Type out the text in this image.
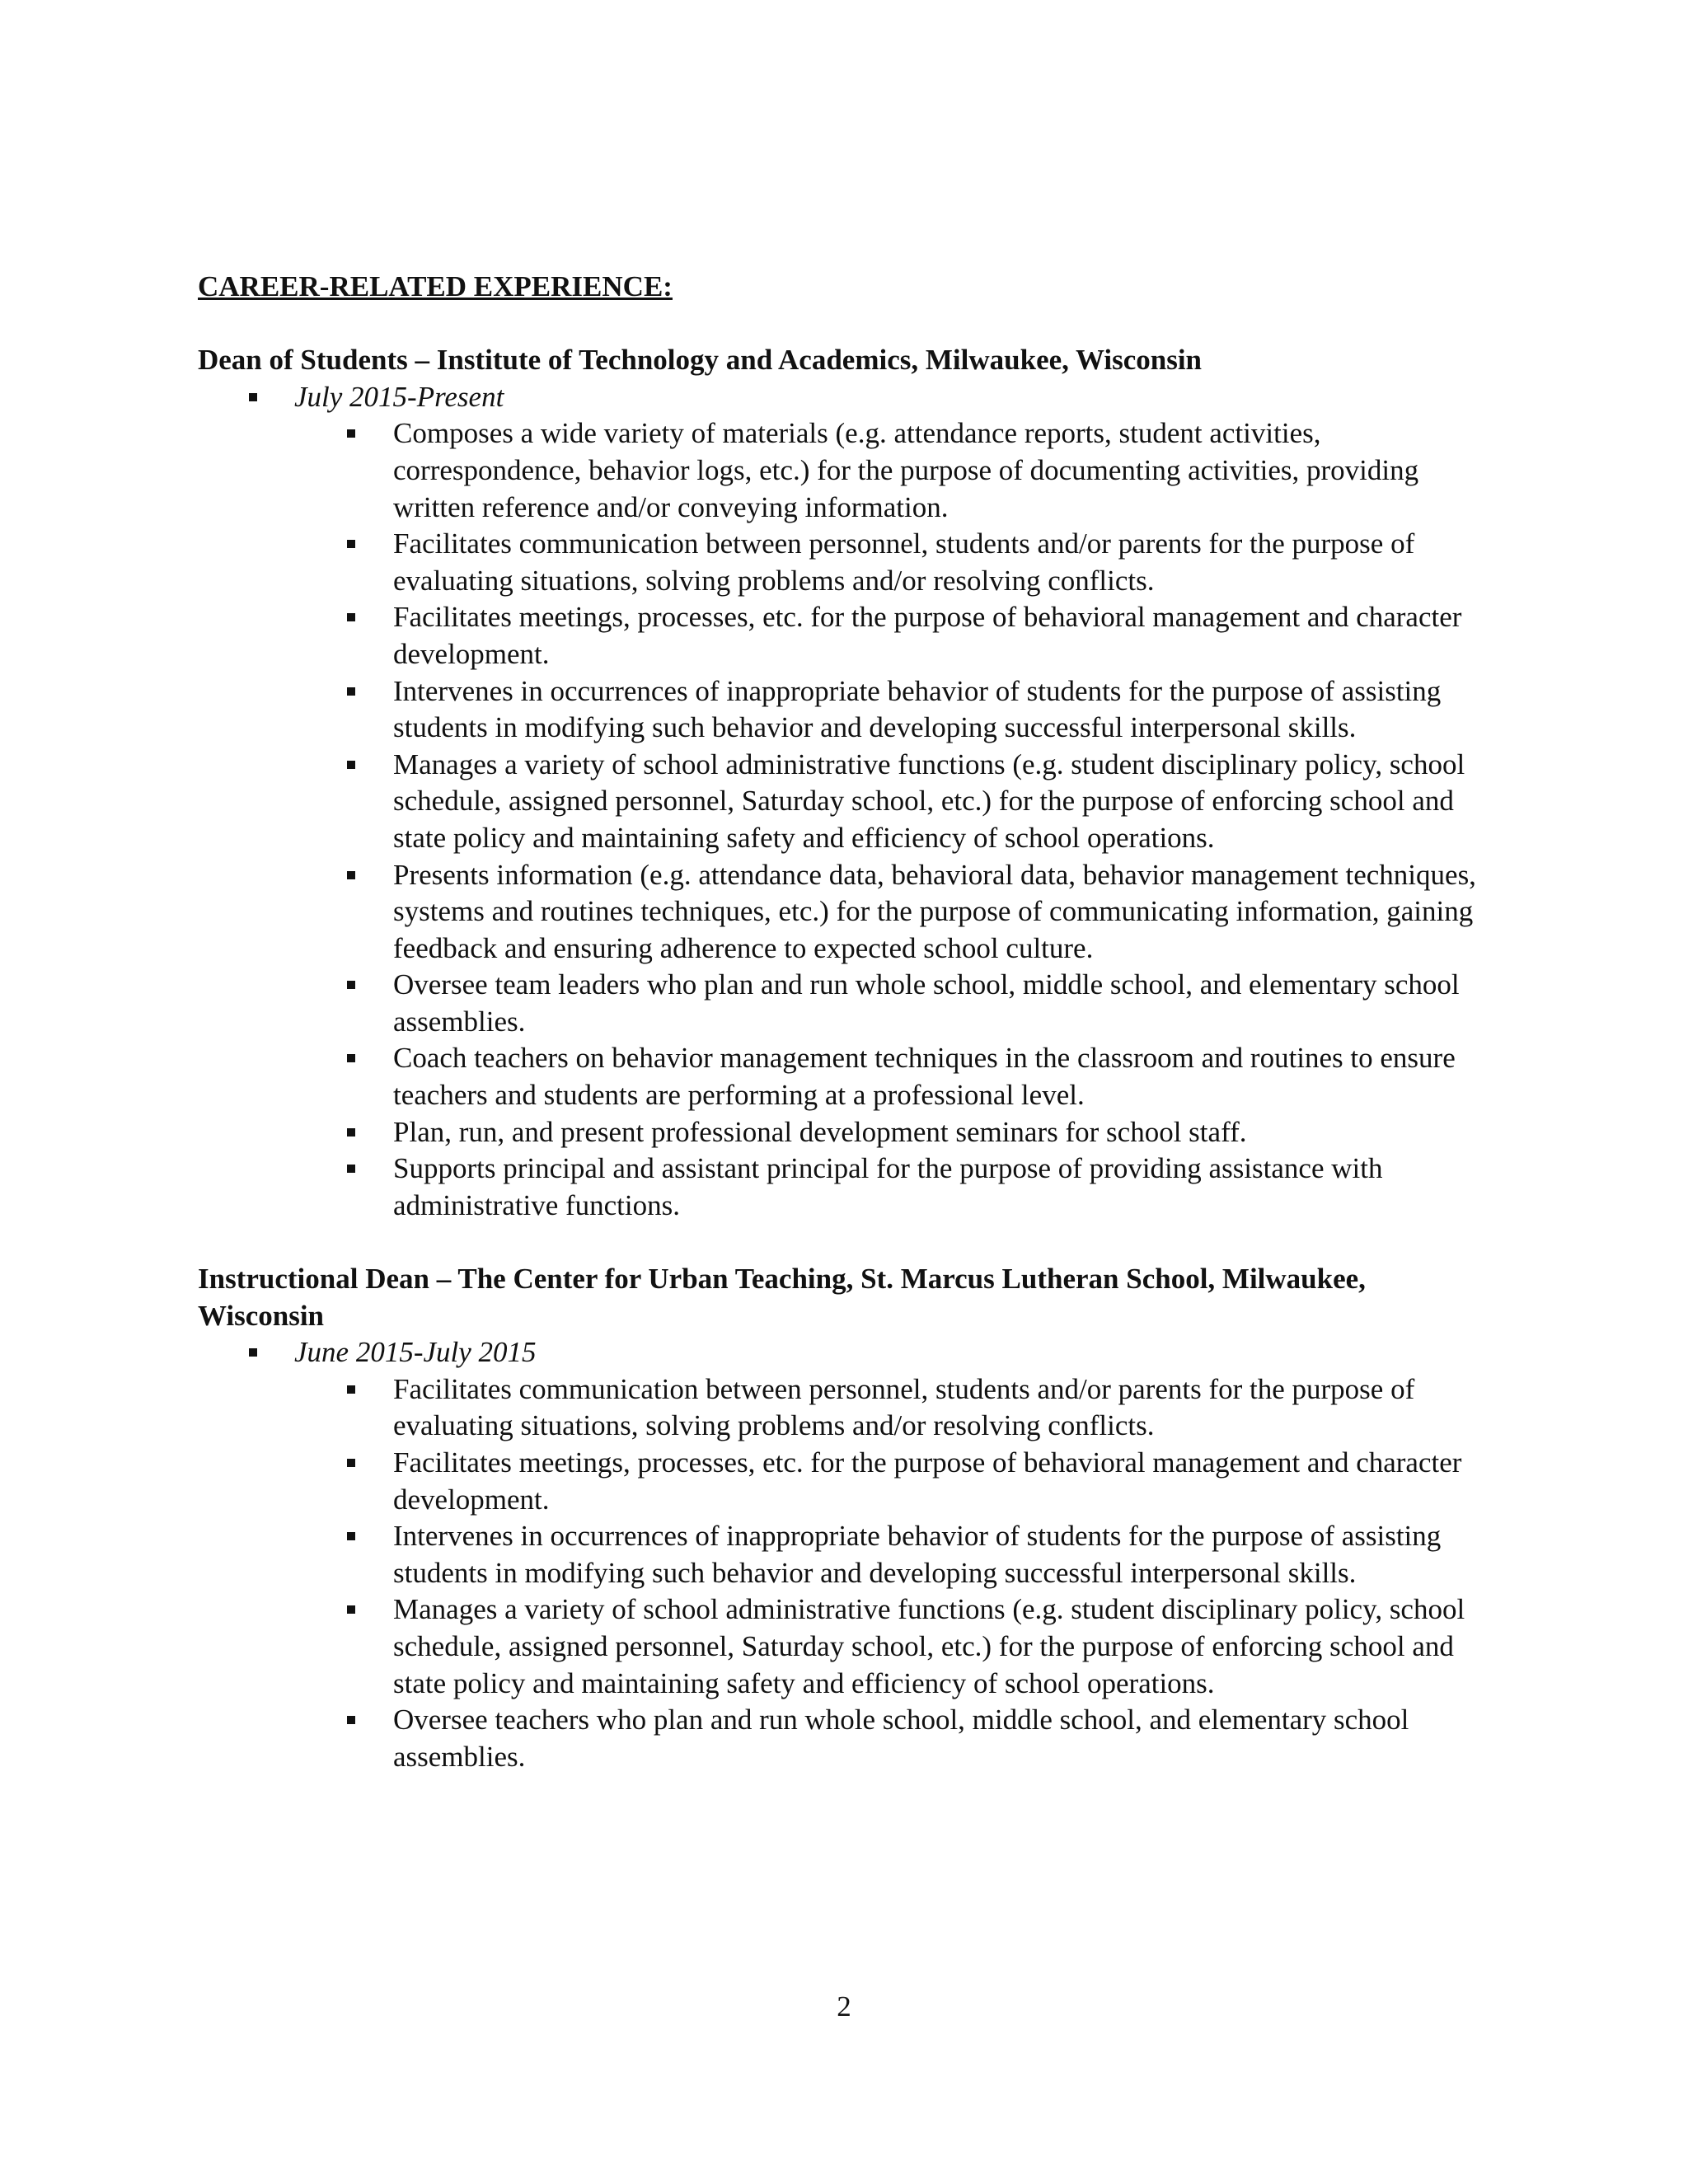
CAREER-RELATED EXPERIENCE:
Dean of Students – Institute of Technology and Academics, Milwaukee, Wisconsin
July 2015-Present
Composes a wide variety of materials (e.g. attendance reports, student activities, correspondence, behavior logs, etc.) for the purpose of documenting activities, providing written reference and/or conveying information.
Facilitates communication between personnel, students and/or parents for the purpose of evaluating situations, solving problems and/or resolving conflicts.
Facilitates meetings, processes, etc. for the purpose of behavioral management and character development.
Intervenes in occurrences of inappropriate behavior of students for the purpose of assisting students in modifying such behavior and developing successful interpersonal skills.
Manages a variety of school administrative functions (e.g. student disciplinary policy, school schedule, assigned personnel, Saturday school, etc.) for the purpose of enforcing school and state policy and maintaining safety and efficiency of school operations.
Presents information (e.g. attendance data, behavioral data, behavior management techniques, systems and routines techniques, etc.) for the purpose of communicating information, gaining feedback and ensuring adherence to expected school culture.
Oversee team leaders who plan and run whole school, middle school, and elementary school assemblies.
Coach teachers on behavior management techniques in the classroom and routines to ensure teachers and students are performing at a professional level.
Plan, run, and present professional development seminars for school staff.
Supports principal and assistant principal for the purpose of providing assistance with administrative functions.
Instructional Dean – The Center for Urban Teaching, St. Marcus Lutheran School, Milwaukee, Wisconsin
June 2015-July 2015
Facilitates communication between personnel, students and/or parents for the purpose of evaluating situations, solving problems and/or resolving conflicts.
Facilitates meetings, processes, etc. for the purpose of behavioral management and character development.
Intervenes in occurrences of inappropriate behavior of students for the purpose of assisting students in modifying such behavior and developing successful interpersonal skills.
Manages a variety of school administrative functions (e.g. student disciplinary policy, school schedule, assigned personnel, Saturday school, etc.) for the purpose of enforcing school and state policy and maintaining safety and efficiency of school operations.
Oversee teachers who plan and run whole school, middle school, and elementary school assemblies.
2
